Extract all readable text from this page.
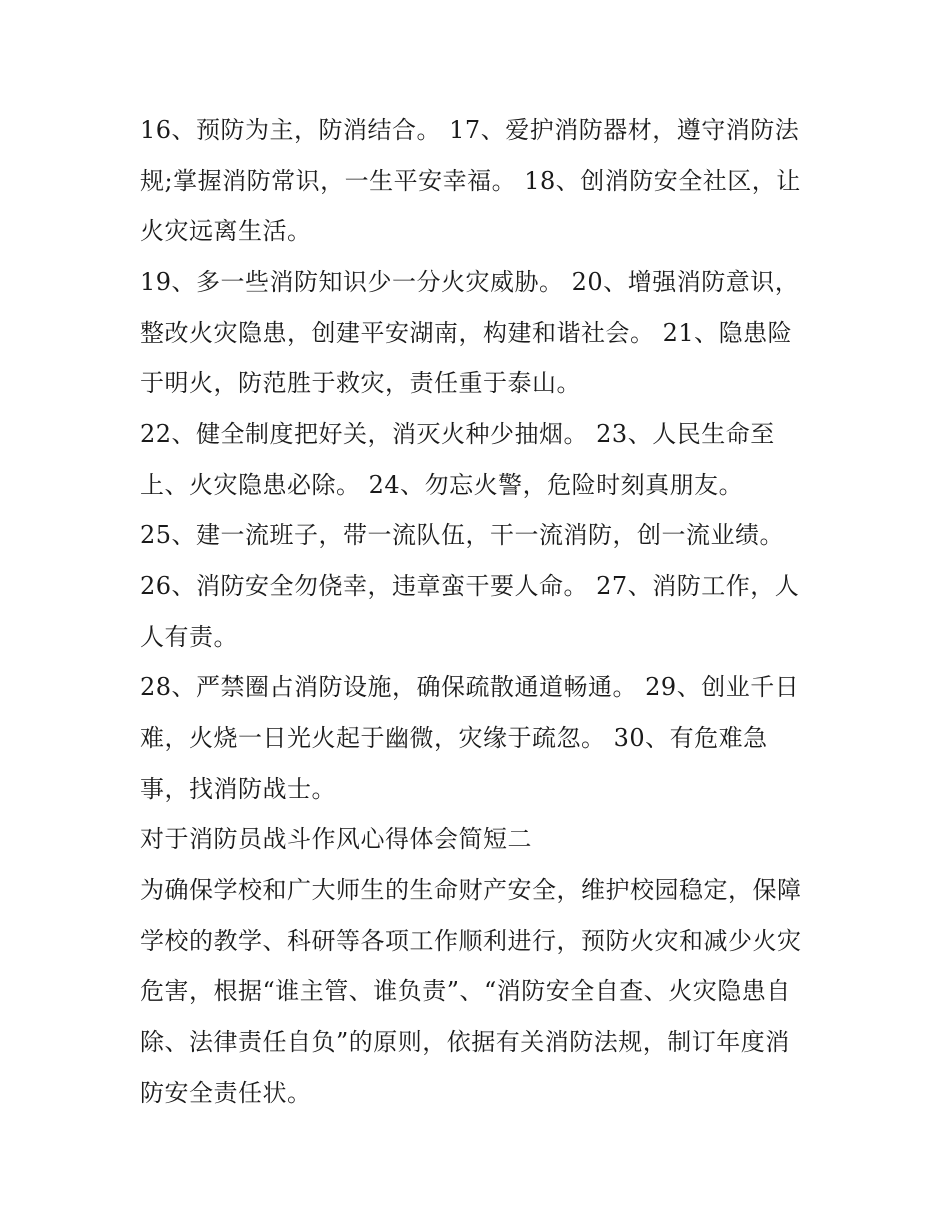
16、预防为主，防消结合。 17、爱护消防器材，遵守消防法
规;掌握消防常识，一生平安幸福。 18、创消防安全社区，让
火灾远离生活。
19、多一些消防知识少一分火灾威胁。 20、增强消防意识，
整改火灾隐患，创建平安湖南，构建和谐社会。 21、隐患险
于明火，防范胜于救灾，责任重于泰山。
22、健全制度把好关，消灭火种少抽烟。 23、人民生命至
上、火灾隐患必除。 24、勿忘火警，危险时刻真朋友。
25、建一流班子，带一流队伍，干一流消防，创一流业绩。
26、消防安全勿侥幸，违章蛮干要人命。 27、消防工作，人
人有责。
28、严禁圈占消防设施，确保疏散通道畅通。 29、创业千日
难，火烧一日光火起于幽微，灾缘于疏忽。 30、有危难急
事，找消防战士。
对于消防员战斗作风心得体会简短二
为确保学校和广大师生的生命财产安全，维护校园稳定，保障
学校的教学、科研等各项工作顺利进行，预防火灾和减少火灾
危害，根据“谁主管、谁负责”、“消防安全自查、火灾隐患自
除、法律责任自负”的原则，依据有关消防法规，制订年度消
防安全责任状。
